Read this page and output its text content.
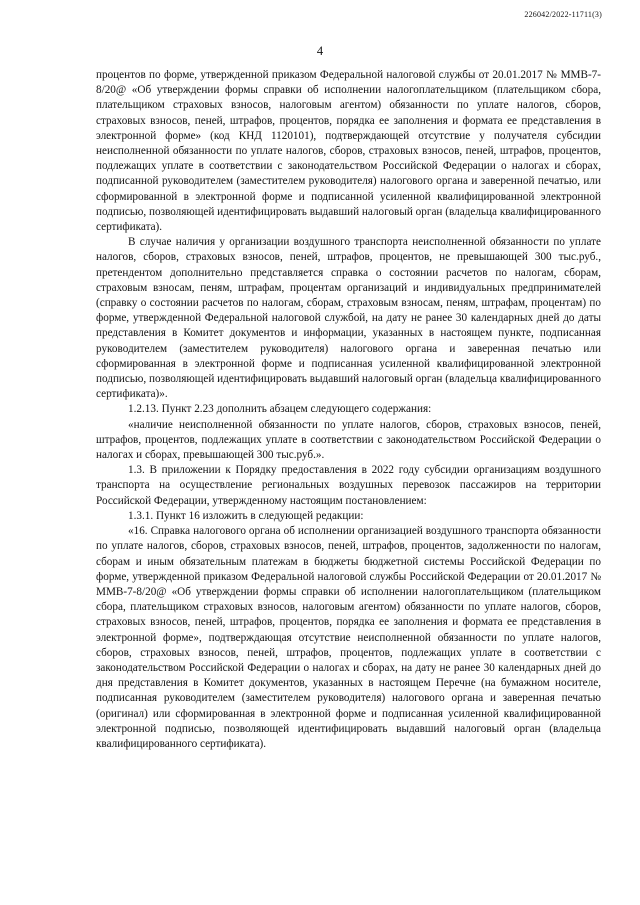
226042/2022-11711(3)
4

процентов по форме, утвержденной приказом Федеральной налоговой службы от 20.01.2017 № ММВ-7-8/20@ «Об утверждении формы справки об исполнении налогоплательщиком (плательщиком сбора, плательщиком страховых взносов, налоговым агентом) обязанности по уплате налогов, сборов, страховых взносов, пеней, штрафов, процентов, порядка ее заполнения и формата ее представления в электронной форме» (код КНД 1120101), подтверждающей отсутствие у получателя субсидии неисполненной обязанности по уплате налогов, сборов, страховых взносов, пеней, штрафов, процентов, подлежащих уплате в соответствии с законодательством Российской Федерации о налогах и сборах, подписанной руководителем (заместителем руководителя) налогового органа и заверенной печатью, или сформированной в электронной форме и подписанной усиленной квалифицированной электронной подписью, позволяющей идентифицировать выдавший налоговый орган (владельца квалифицированного сертификата).

В случае наличия у организации воздушного транспорта неисполненной обязанности по уплате налогов, сборов, страховых взносов, пеней, штрафов, процентов, не превышающей 300 тыс.руб., претендентом дополнительно представляется справка о состоянии расчетов по налогам, сборам, страховым взносам, пеням, штрафам, процентам организаций и индивидуальных предпринимателей (справку о состоянии расчетов по налогам, сборам, страховым взносам, пеням, штрафам, процентам) по форме, утвержденной Федеральной налоговой службой, на дату не ранее 30 календарных дней до даты представления в Комитет документов и информации, указанных в настоящем пункте, подписанная руководителем (заместителем руководителя) налогового органа и заверенная печатью или сформированная в электронной форме и подписанная усиленной квалифицированной электронной подписью, позволяющей идентифицировать выдавший налоговый орган (владельца квалифицированного сертификата)».

1.2.13. Пункт 2.23 дополнить абзацем следующего содержания:

«наличие неисполненной обязанности по уплате налогов, сборов, страховых взносов, пеней, штрафов, процентов, подлежащих уплате в соответствии с законодательством Российской Федерации о налогах и сборах, превышающей 300 тыс.руб.».

1.3. В приложении к Порядку предоставления в 2022 году субсидии организациям воздушного транспорта на осуществление региональных воздушных перевозок пассажиров на территории Российской Федерации, утвержденному настоящим постановлением:

1.3.1. Пункт 16 изложить в следующей редакции:

«16. Справка налогового органа об исполнении организацией воздушного транспорта обязанности по уплате налогов, сборов, страховых взносов, пеней, штрафов, процентов, задолженности по налогам, сборам и иным обязательным платежам в бюджеты бюджетной системы Российской Федерации по форме, утвержденной приказом Федеральной налоговой службы Российской Федерации от 20.01.2017 № ММВ-7-8/20@ «Об утверждении формы справки об исполнении налогоплательщиком (плательщиком сбора, плательщиком страховых взносов, налоговым агентом) обязанности по уплате налогов, сборов, страховых взносов, пеней, штрафов, процентов, порядка ее заполнения и формата ее представления в электронной форме», подтверждающая отсутствие неисполненной обязанности по уплате налогов, сборов, страховых взносов, пеней, штрафов, процентов, подлежащих уплате в соответствии с законодательством Российской Федерации о налогах и сборах, на дату не ранее 30 календарных дней до дня представления в Комитет документов, указанных в настоящем Перечне (на бумажном носителе, подписанная руководителем (заместителем руководителя) налогового органа и заверенная печатью (оригинал) или сформированная в электронной форме и подписанная усиленной квалифицированной электронной подписью, позволяющей идентифицировать выдавший налоговый орган (владельца квалифицированного сертификата).
